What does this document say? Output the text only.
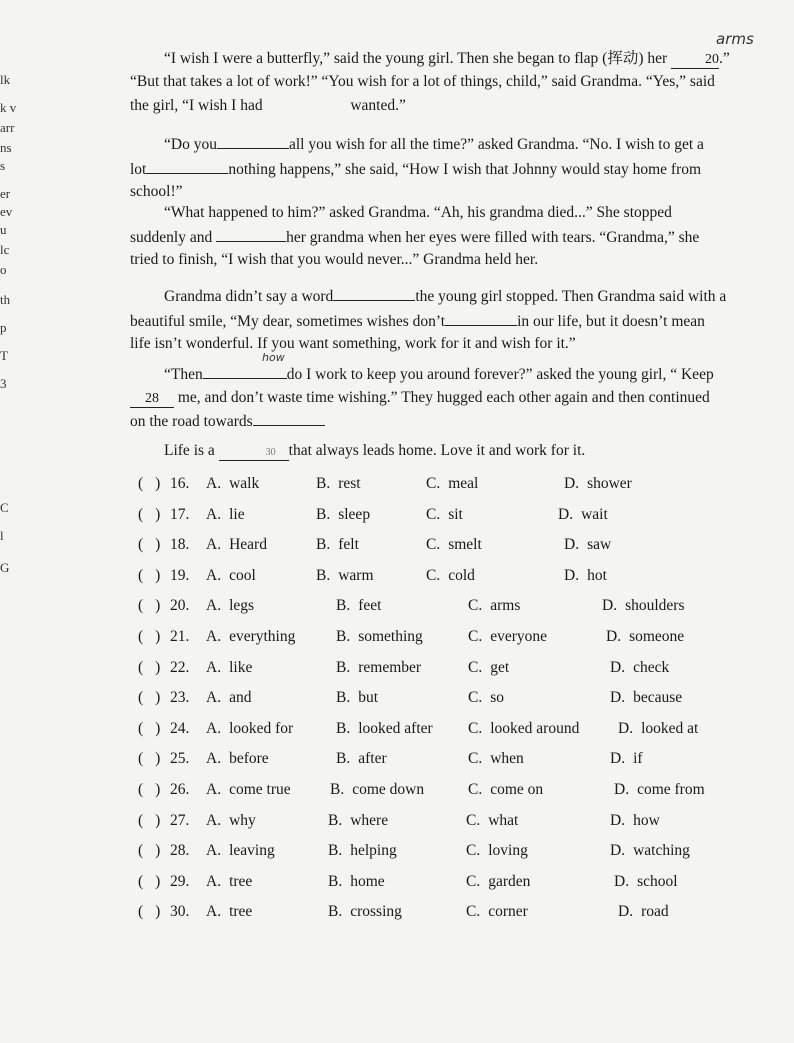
lk
k v
arr
ns
s
er
ev
u
lc
o
th
p
T
3
C
l
G
arms
how
“I wish I were a butterfly,” said the young girl. Then she began to flap (挥动) her	20.”
“But that takes a lot of work!” “You wish for a lot of things, child,” said Grandma. “Yes,” said
the girl, “I wish I had	wanted.”
“Do you	all you wish for all the time?” asked Grandma. “No. I wish to get a
lot	nothing happens,” she said, “How I wish that Johnny would stay home from
school!”
“What happened to him?” asked Grandma. “Ah, his grandma died...” She stopped
suddenly and	her grandma when her eyes were filled with tears. “Grandma,” she
tried to finish, “I wish that you would never...” Grandma held her.
Grandma didn’t say a word	the young girl stopped. Then Grandma said with a
beautiful smile, “My dear, sometimes wishes don’t	in our life, but it doesn’t mean
life isn’t wonderful. If you want something, work for it and wish for it.”
“Then	do I work to keep you around forever?” asked the young girl, “ Keep
28 me, and don’t waste time wishing.” They hugged each other again and then continued
on the road towards
Life is a	30 that always leads home. Love it and work for it.
( ) 16. A. walk	B. rest	C. meal	D. shower
( ) 17. A. lie	B. sleep	C. sit	D. wait
( ) 18. A. Heard	B. felt	C. smelt	D. saw
( ) 19. A. cool	B. warm	C. cold	D. hot
( ) 20. A. legs	B. feet	C. arms	D. shoulders
( ) 21. A. everything	B. something	C. everyone	D. someone
( ) 22. A. like	B. remember	C. get	D. check
( ) 23. A. and	B. but	C. so	D. because
( ) 24. A. looked for	B. looked after C. looked around D. looked at
( ) 25. A. before	B. after	C. when	D. if
( ) 26. A. come true	B. come down	C. come on	D. come from
( ) 27. A. why	B. where	C. what	D. how
( ) 28. A. leaving	B. helping	C. loving	D. watching
( ) 29. A. tree	B. home	C. garden	D. school
( ) 30. A. tree	B. crossing	C. corner	D. road
